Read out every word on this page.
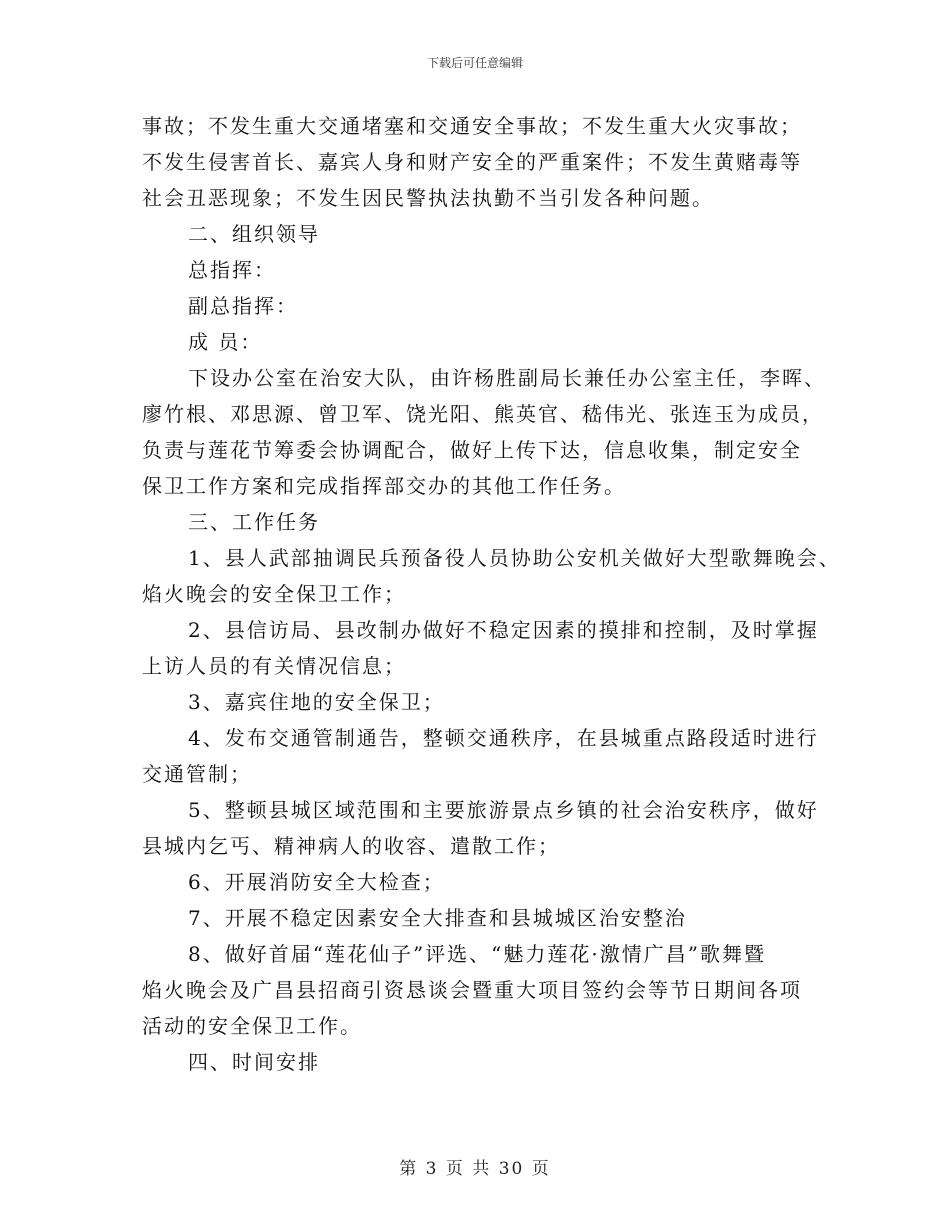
下载后可任意编辑
事故；不发生重大交通堵塞和交通安全事故；不发生重大火灾事故；
不发生侵害首长、嘉宾人身和财产安全的严重案件；不发生黄赌毒等
社会丑恶现象；不发生因民警执法执勤不当引发各种问题。
二、组织领导
总指挥：
副总指挥：
成 员：
下设办公室在治安大队，由许杨胜副局长兼任办公室主任，李晖、
廖竹根、邓思源、曾卫军、饶光阳、熊英官、嵇伟光、张连玉为成员，
负责与莲花节筹委会协调配合，做好上传下达，信息收集，制定安全
保卫工作方案和完成指挥部交办的其他工作任务。
三、工作任务
1、县人武部抽调民兵预备役人员协助公安机关做好大型歌舞晚会、
焰火晚会的安全保卫工作；
2、县信访局、县改制办做好不稳定因素的摸排和控制，及时掌握
上访人员的有关情况信息；
3、嘉宾住地的安全保卫；
4、发布交通管制通告，整顿交通秩序，在县城重点路段适时进行
交通管制；
5、整顿县城区域范围和主要旅游景点乡镇的社会治安秩序，做好
县城内乞丐、精神病人的收容、遣散工作；
6、开展消防安全大检查；
7、开展不稳定因素安全大排查和县城城区治安整治
8、做好首届“莲花仙子”评选、“魅力莲花·激情广昌”歌舞暨
焰火晚会及广昌县招商引资恳谈会暨重大项目签约会等节日期间各项
活动的安全保卫工作。
四、时间安排
第 3 页 共 30 页
